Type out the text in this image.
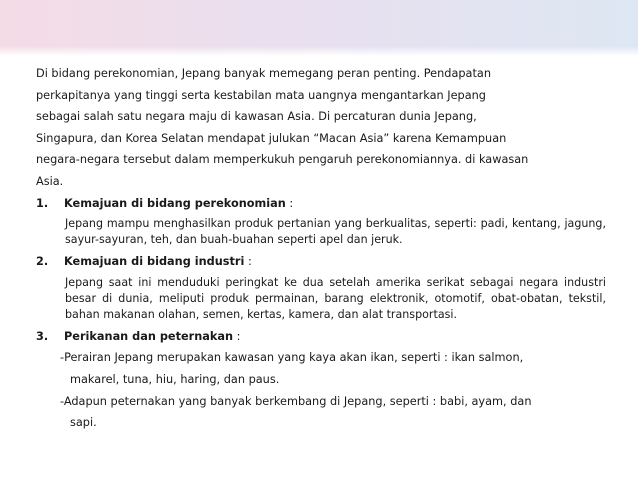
Di bidang perekonomian, Jepang banyak memegang peran penting. Pendapatan
perkapitanya yang tinggi serta kestabilan mata uangnya mengantarkan Jepang
sebagai salah satu negara maju di kawasan Asia. Di percaturan dunia Jepang,
Singapura, dan Korea Selatan mendapat julukan “Macan Asia” karena Kemampuan
negara-negara tersebut dalam memperkukuh pengaruh perekonomiannya. di kawasan
Asia.

1. Kemajuan di bidang perekonomian :
Jepang mampu menghasilkan produk pertanian yang berkualitas, seperti: padi, kentang, jagung, sayur-sayuran, teh, dan buah-buahan seperti apel dan jeruk.
2. Kemajuan di bidang industri :
Jepang saat ini menduduki peringkat ke dua setelah amerika serikat sebagai negara industri besar di dunia, meliputi produk permainan, barang elektronik, otomotif, obat-obatan, tekstil, bahan makanan olahan, semen, kertas, kamera, dan alat transportasi.
3. Perikanan dan peternakan :
-Perairan Jepang merupakan kawasan yang kaya akan ikan, seperti : ikan salmon,
makarel, tuna, hiu, haring, dan paus.
-Adapun peternakan yang banyak berkembang di Jepang, seperti : babi, ayam, dan
sapi.
